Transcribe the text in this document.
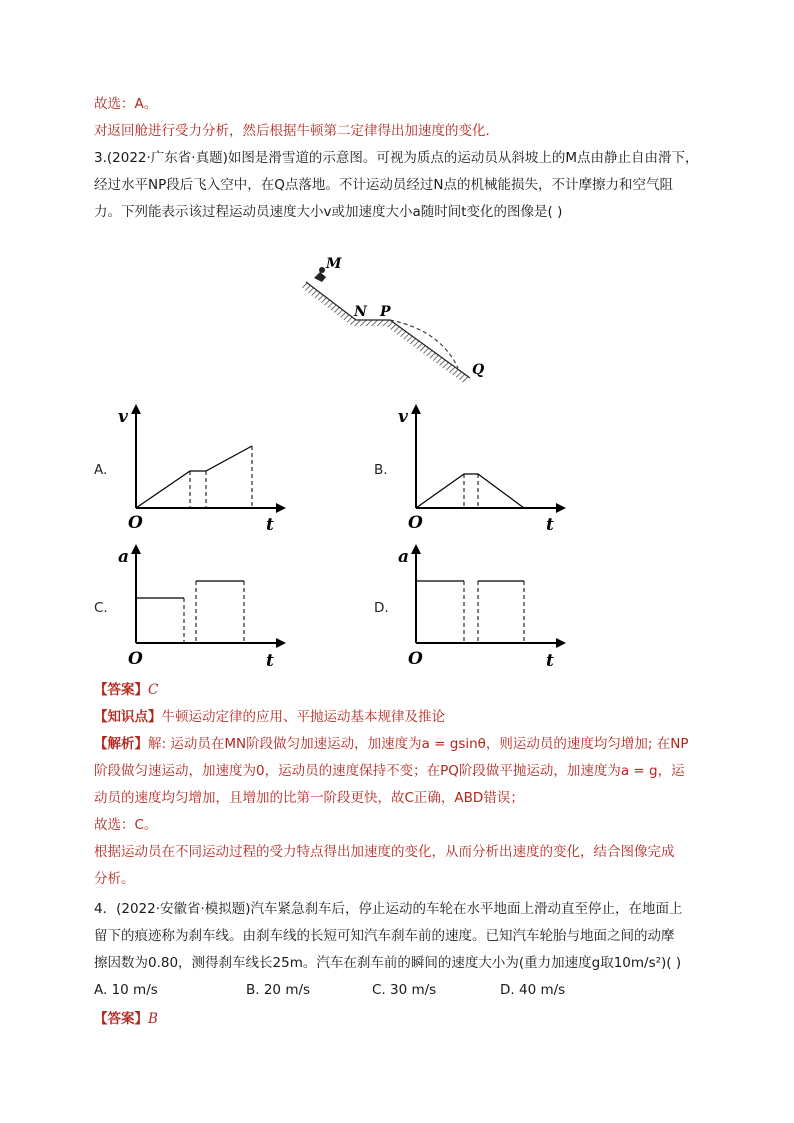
故选：A。
对返回舱进行受力分析，然后根据牛顿第二定律得出加速度的变化．
3.(2022·广东省·真题)如图是滑雪道的示意图。可视为质点的运动员从斜坡上的M点由静止自由滑下，
经过水平NP段后飞入空中，在Q点落地。不计运动员经过N点的机械能损失，不计摩擦力和空气阻
力。下列能表示该过程运动员速度大小v或加速度大小a随时间t变化的图像是( )
M
N P
Q
A.
v
O	t
B.
v
O	t
C.
a
O	t
D.
a
O	t
【答案】C
【知识点】牛顿运动定律的应用、平抛运动基本规律及推论
【解析】解: 运动员在MN阶段做匀加速运动，加速度为a = gsinθ，则运动员的速度均匀增加; 在NP
阶段做匀速运动，加速度为0，运动员的速度保持不变；在PQ阶段做平抛运动，加速度为a = g，运
动员的速度均匀增加，且增加的比第一阶段更快，故C正确，ABD错误；
故选：C。
根据运动员在不同运动过程的受力特点得出加速度的变化，从而分析出速度的变化，结合图像完成
分析。
4．(2022·安徽省·模拟题)汽车紧急刹车后，停止运动的车轮在水平地面上滑动直至停止，在地面上
留下的痕迹称为刹车线。由刹车线的长短可知汽车刹车前的速度。已知汽车轮胎与地面之间的动摩
擦因数为0.80，测得刹车线长25m。汽车在刹车前的瞬间的速度大小为(重力加速度g取10m/s²)( )
A. 10 m/s	B. 20 m/s	C. 30 m/s	D. 40 m/s
【答案】B
